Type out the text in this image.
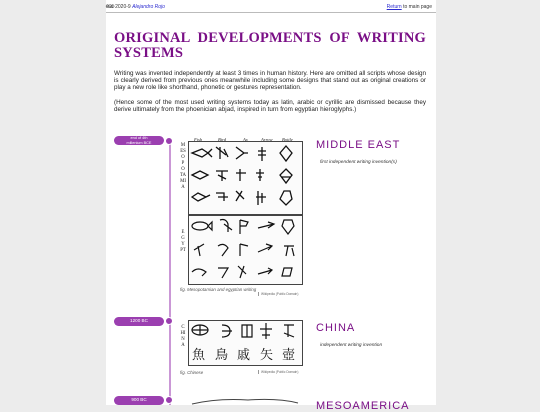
🅭🅯🄏 2020-9 Alejandro Rojo	Return to main page
ORIGINAL DEVELOPMENTS OF WRITING SYSTEMS

Writing was invented independently at least 3 times in human history. Here are omitted all scripts whose design is clearly derived from previous ones meanwhile including some designs that stand out as original creations or play a new role like shorthand, phonetic or gestures representation.

(Hence some of the most used writing systems today as latin, arabic or cyrillic are dismissed because they derive ultimately from the phoenician abjad, inspired in turn from egyptian hieroglyphs.)

end of 4th
millenium BCE
Fish	Bird	Ax	Arrow Bottle
MESOPOTAMIA
EGYPT
fig. Mesopotamian and egyptian writing
Wikipedia (Public Domain)
MIDDLE EAST
first independent writing invention(s)
1200 BC
CHINA
魚 鳥 戚 矢 壺
fig. Chinese	Wikipedia (Public Domain)
CHINA
independent writing invention
900 BC
MESOAMERICA
